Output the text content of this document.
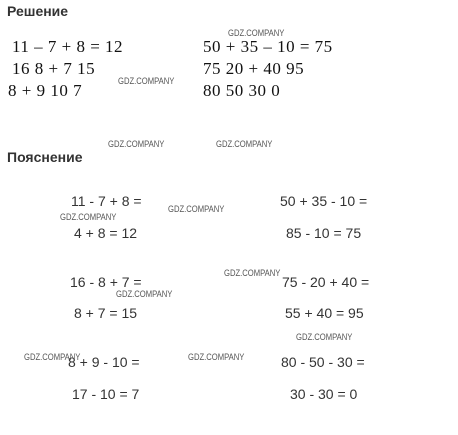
Решение
Пояснение
11 – 7 + 8 = 12
16 8 + 7 15
8 + 9 10 7
50 + 35 – 10 = 75
75 20 + 40 95
80 50 30 0
11 - 7 + 8 =
4 + 8 = 12
50 + 35 - 10 =
85 - 10 = 75
16 - 8 + 7 =
8 + 7 = 15
75 - 20 + 40 =
55 + 40 = 95
8 + 9 - 10 =
17 - 10 = 7
80 - 50 - 30 =
30 - 30 = 0
GDZ.COMPANY
GDZ.COMPANY
GDZ.COMPANY	GDZ.COMPANY
GDZ.COMPANY
GDZ.COMPANY
GDZ.COMPANY
GDZ.COMPANY
GDZ.COMPANY
GDZ.COMPANY	GDZ.COMPANY
